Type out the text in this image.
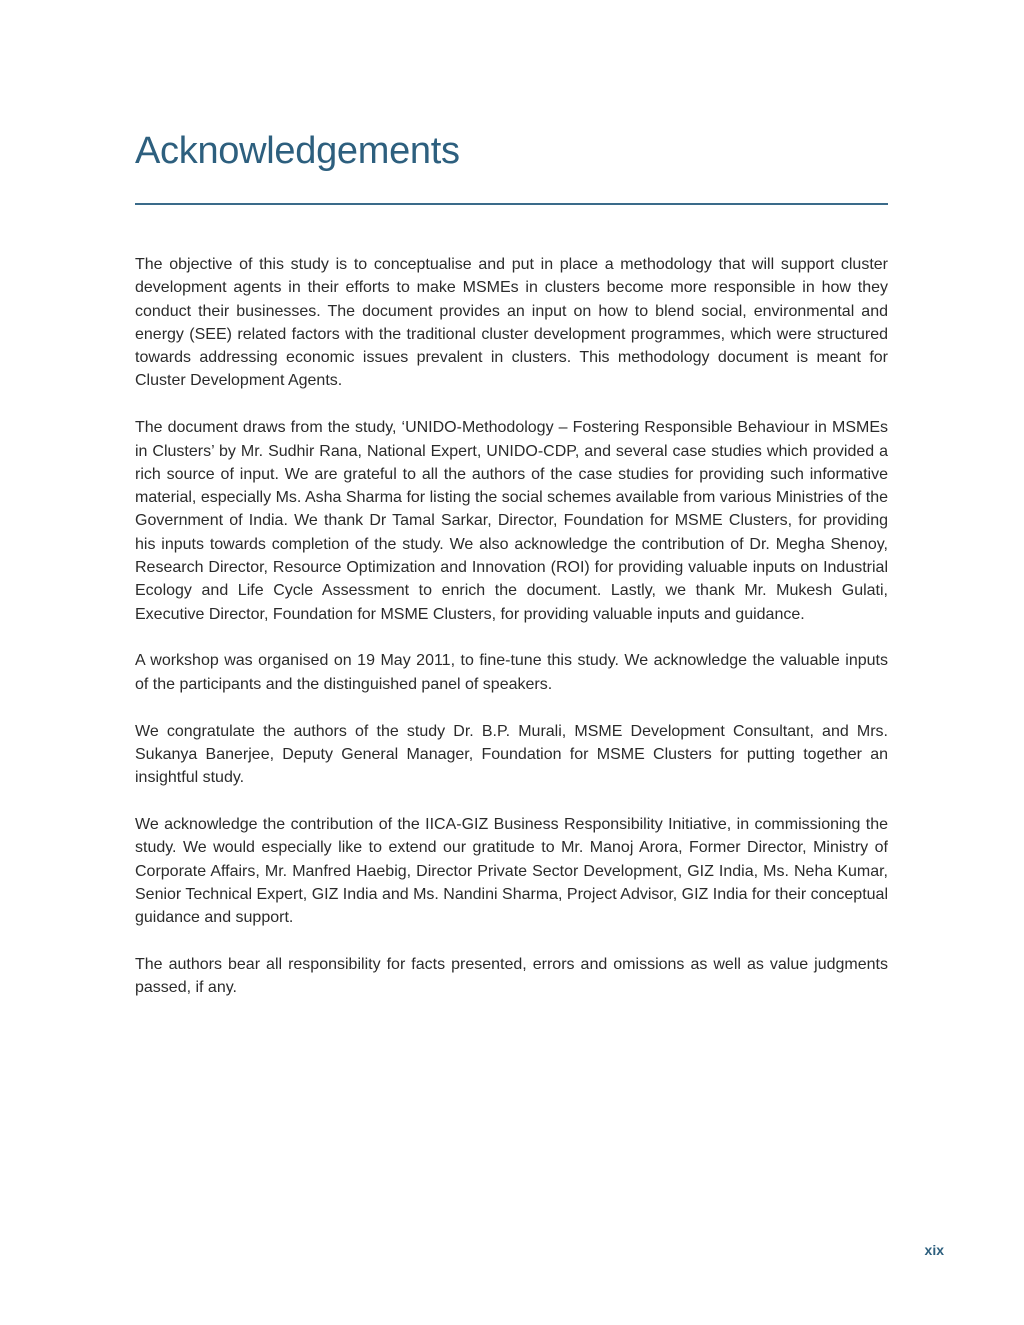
Acknowledgements

The objective of this study is to conceptualise and put in place a methodology that will support cluster development agents in their efforts to make MSMEs in clusters become more responsible in how they conduct their businesses. The document provides an input on how to blend social, environmental and energy (SEE) related factors with the traditional cluster development programmes, which were structured towards addressing economic issues prevalent in clusters. This methodology document is meant for Cluster Development Agents.

The document draws from the study, ‘UNIDO-Methodology – Fostering Responsible Behaviour in MSMEs in Clusters’ by Mr. Sudhir Rana, National Expert, UNIDO-CDP, and several case studies which provided a rich source of input. We are grateful to all the authors of the case studies for providing such informative material, especially Ms. Asha Sharma for listing the social schemes available from various Ministries of the Government of India. We thank Dr Tamal Sarkar, Director, Foundation for MSME Clusters, for providing his inputs towards completion of the study. We also acknowledge the contribution of Dr. Megha Shenoy, Research Director, Resource Optimization and Innovation (ROI) for providing valuable inputs on Industrial Ecology and Life Cycle Assessment to enrich the document. Lastly, we thank Mr. Mukesh Gulati, Executive Director, Foundation for MSME Clusters, for providing valuable inputs and guidance.

A workshop was organised on 19 May 2011, to fine-tune this study. We acknowledge the valuable inputs of the participants and the distinguished panel of speakers.

We congratulate the authors of the study Dr. B.P. Murali, MSME Development Consultant, and Mrs. Sukanya Banerjee, Deputy General Manager, Foundation for MSME Clusters for putting together an insightful study.

We acknowledge the contribution of the IICA-GIZ Business Responsibility Initiative, in commissioning the study. We would especially like to extend our gratitude to Mr. Manoj Arora, Former Director, Ministry of Corporate Affairs, Mr. Manfred Haebig, Director Private Sector Development, GIZ India, Ms. Neha Kumar, Senior Technical Expert, GIZ India and Ms. Nandini Sharma, Project Advisor, GIZ India for their conceptual guidance and support.

The authors bear all responsibility for facts presented, errors and omissions as well as value judgments passed, if any.

xix
